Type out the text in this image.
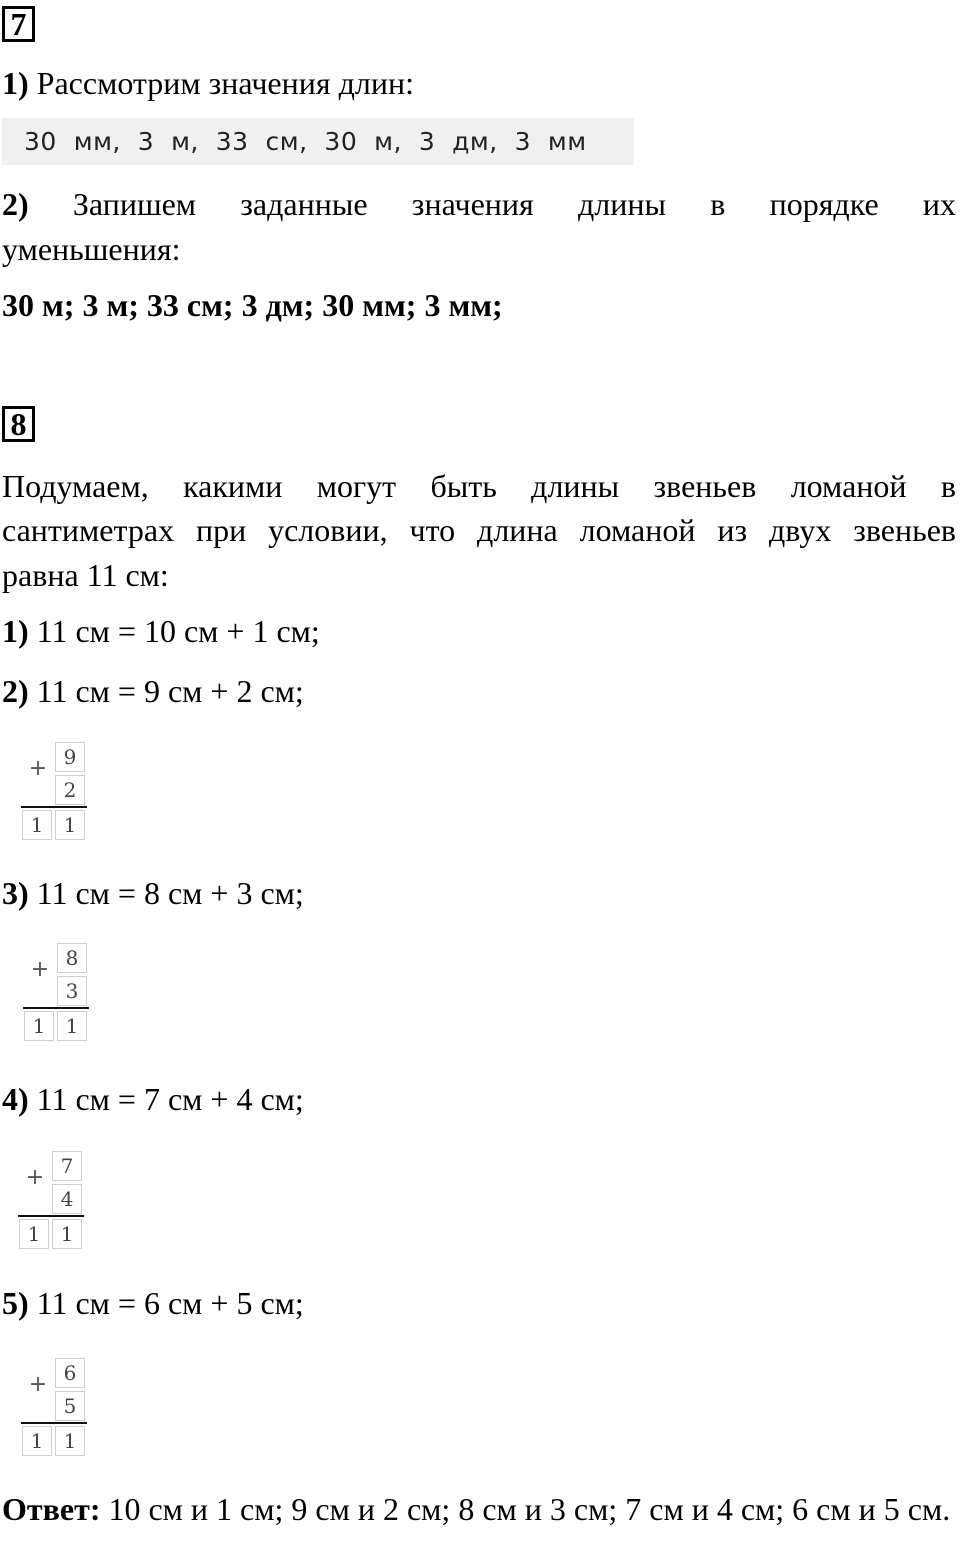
7
1) Рассмотрим значения длин:
30  мм,  3  м,  33  см,  30  м,  3  дм,  3  мм
2) Запишем заданные значения длины в порядке их
уменьшения:
30 м; 3 м; 33 см; 3 дм; 30 мм; 3 мм;
8
Подумаем, какими могут быть длины звеньев ломаной в
сантиметрах при условии, что длина ломаной из двух звеньев
равна 11 см:
1) 11 см = 10 см + 1 см;
2) 11 см = 9 см + 2 см;
+ 9
2
1	1
3) 11 см = 8 см + 3 см;
+ 8
3
1	1
4) 11 см = 7 см + 4 см;
+ 7
4
1	1
5) 11 см = 6 см + 5 см;
+ 6
5
1	1
Ответ: 10 см и 1 см; 9 см и 2 см; 8 см и 3 см; 7 см и 4 см; 6 см и 5 см.
